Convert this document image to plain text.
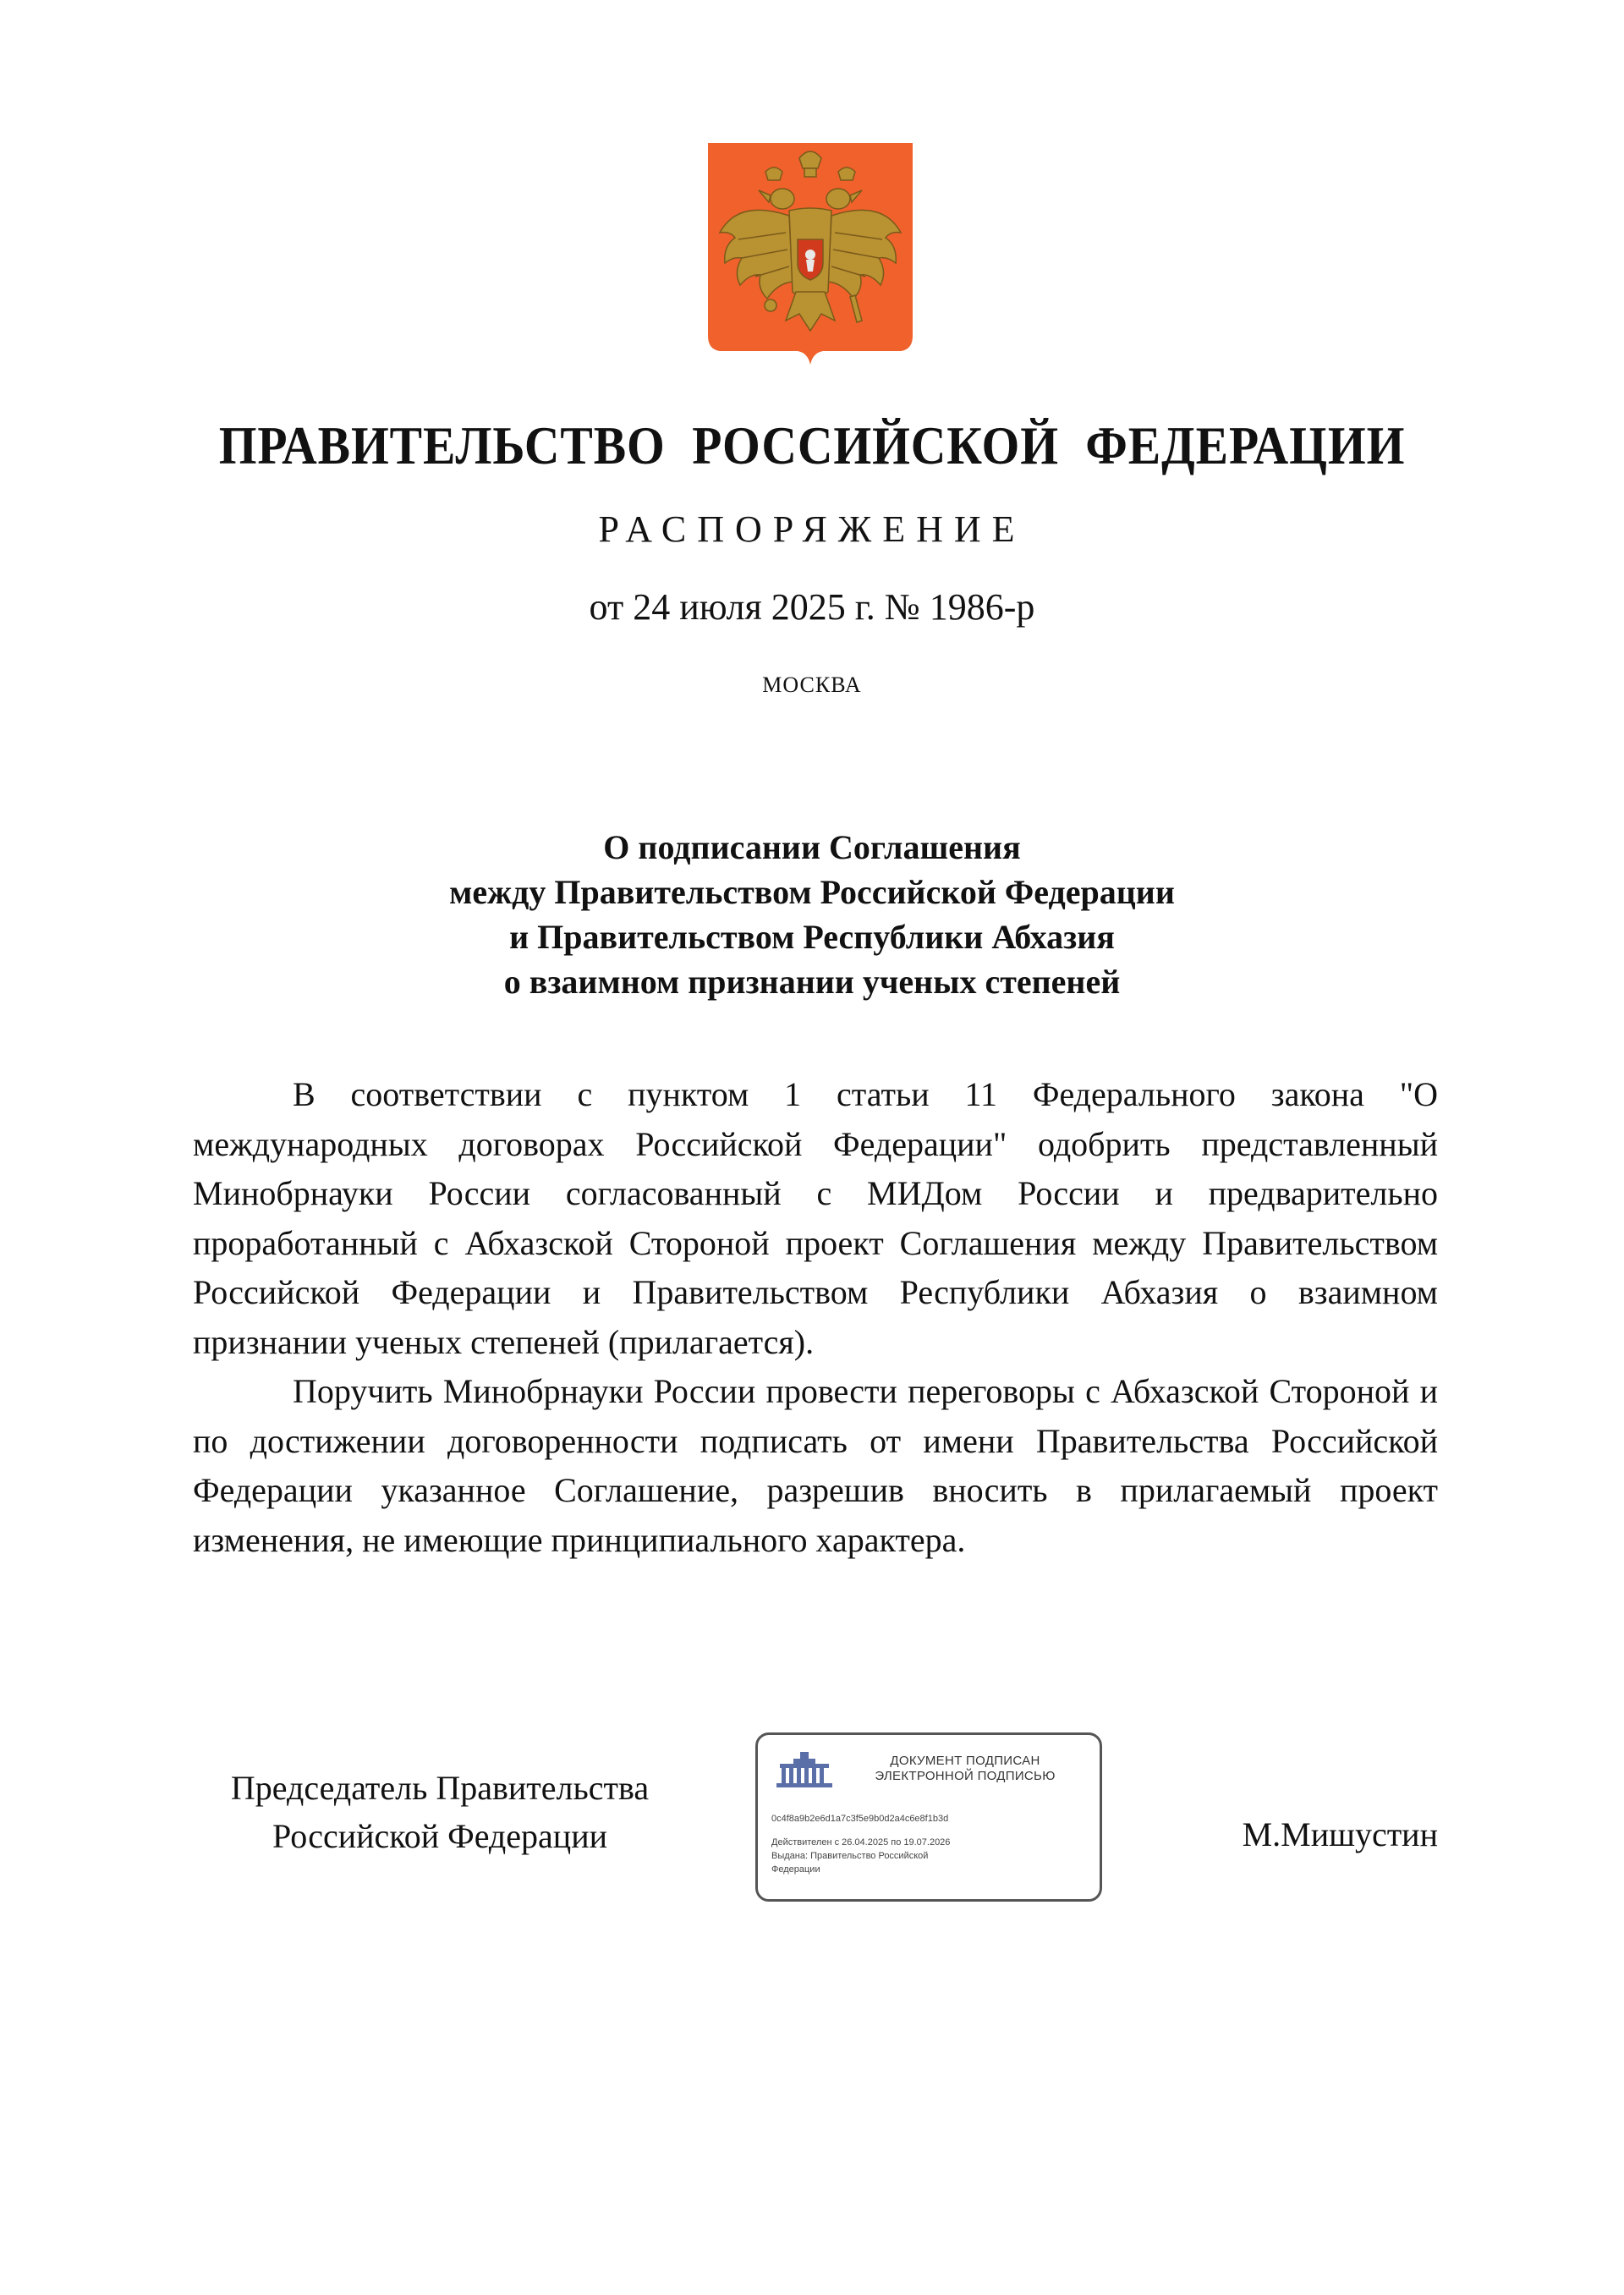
ПРАВИТЕЛЬСТВО РОССИЙСКОЙ ФЕДЕРАЦИИ
РАСПОРЯЖЕНИЕ
от 24 июля 2025 г. № 1986-р
МОСКВА
О подписании Соглашения
между Правительством Российской Федерации
и Правительством Республики Абхазия
о взаимном признании ученых степеней

В соответствии с пунктом 1 статьи 11 Федерального закона "О международных договорах Российской Федерации" одобрить представленный Минобрнауки России согласованный с МИДом России и предварительно проработанный с Абхазской Стороной проект Соглашения между Правительством Российской Федерации и Правительством Республики Абхазия о взаимном признании ученых степеней (прилагается).

Поручить Минобрнауки России провести переговоры с Абхазской Стороной и по достижении договоренности подписать от имени Правительства Российской Федерации указанное Соглашение, разрешив вносить в прилагаемый проект изменения, не имеющие принципиального характера.

Председатель Правительства
Российской Федерации
ДОКУМЕНТ ПОДПИСАН
ЭЛЕКТРОННОЙ ПОДПИСЬЮ
0c4f8a9b2e6d1a7c3f5e9b0d2a4c6e8f1b3d
Действителен с 26.04.2025 по 19.07.2026
Выдана: Правительство Российской
Федерации
М.Мишустин
